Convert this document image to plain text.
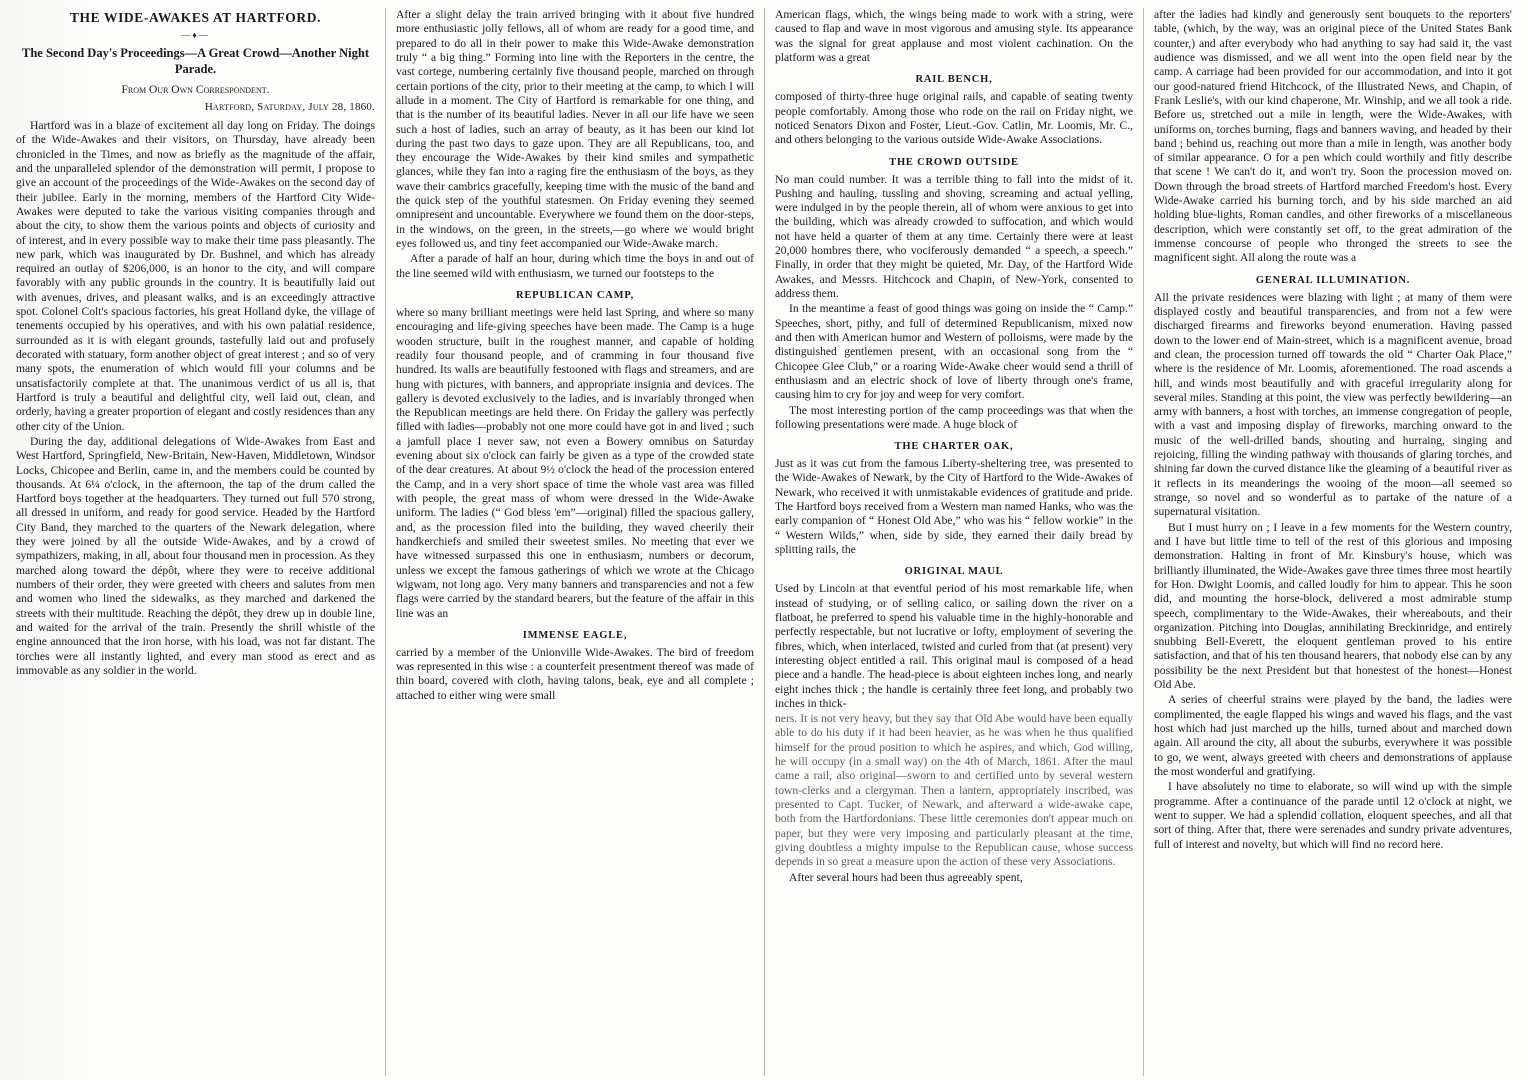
THE WIDE-AWAKES AT HARTFORD.
—♦—
The Second Day's Proceedings—A Great Crowd—Another Night Parade.
From Our Own Correspondent.
Hartford, Saturday, July 28, 1860.

Hartford was in a blaze of excitement all day long on Friday. The doings of the Wide-Awakes and their visitors, on Thursday, have already been chronicled in the Times, and now as briefly as the magnitude of the affair, and the unparalleled splendor of the demonstration will permit, I propose to give an account of the proceedings of the Wide-Awakes on the second day of their jubilee. Early in the morning, members of the Hartford City Wide-Awakes were deputed to take the various visiting companies through and about the city, to show them the various points and objects of curiosity and of interest, and in every possible way to make their time pass pleasantly. The new park, which was inaugurated by Dr. Bushnel, and which has already required an outlay of $206,000, is an honor to the city, and will compare favorably with any public grounds in the country. It is beautifully laid out with avenues, drives, and pleasant walks, and is an exceedingly attractive spot. Colonel Colt's spacious factories, his great Holland dyke, the village of tenements occupied by his operatives, and with his own palatial residence, surrounded as it is with elegant grounds, tastefully laid out and profusely decorated with statuary, form another object of great interest ; and so of very many spots, the enumeration of which would fill your columns and be unsatisfactorily complete at that. The unanimous verdict of us all is, that Hartford is truly a beautiful and delightful city, well laid out, clean, and orderly, having a greater proportion of elegant and costly residences than any other city of the Union.

During the day, additional delegations of Wide-Awakes from East and West Hartford, Springfield, New-Britain, New-Haven, Middletown, Windsor Locks, Chicopee and Berlin, came in, and the members could be counted by thousands. At 6¼ o'clock, in the afternoon, the tap of the drum called the Hartford boys together at the headquarters. They turned out full 570 strong, all dressed in uniform, and ready for good service. Headed by the Hartford City Band, they marched to the quarters of the Newark delegation, where they were joined by all the outside Wide-Awakes, and by a crowd of sympathizers, making, in all, about four thousand men in procession. As they marched along toward the dépôt, where they were to receive additional numbers of their order, they were greeted with cheers and salutes from men and women who lined the sidewalks, as they marched and darkened the streets with their multitude. Reaching the dépôt, they drew up in double line, and waited for the arrival of the train. Presently the shrill whistle of the engine announced that the iron horse, with his load, was not far distant. The torches were all instantly lighted, and every man stood as erect and as immovable as any soldier in the world.

After a slight delay the train arrived bringing with it about five hundred more enthusiastic jolly fellows, all of whom are ready for a good time, and prepared to do all in their power to make this Wide-Awake demonstration truly “ a big thing.” Forming into line with the Reporters in the centre, the vast cortege, numbering certainly five thousand people, marched on through certain portions of the city, prior to their meeting at the camp, to which I will allude in a moment. The City of Hartford is remarkable for one thing, and that is the number of its beautiful ladies. Never in all our life have we seen such a host of ladies, such an array of beauty, as it has been our kind lot during the past two days to gaze upon. They are all Republicans, too, and they encourage the Wide-Awakes by their kind smiles and sympathetic glances, while they fan into a raging fire the enthusiasm of the boys, as they wave their cambrics gracefully, keeping time with the music of the band and the quick step of the youthful statesmen. On Friday evening they seemed omnipresent and uncountable. Everywhere we found them on the door-steps, in the windows, on the green, in the streets,—go where we would bright eyes followed us, and tiny feet accompanied our Wide-Awake march.

After a parade of half an hour, during which time the boys in and out of the line seemed wild with enthusiasm, we turned our footsteps to the

REPUBLICAN CAMP,

where so many brilliant meetings were held last Spring, and where so many encouraging and life-giving speeches have been made. The Camp is a huge wooden structure, built in the roughest manner, and capable of holding readily four thousand people, and of cramming in four thousand five hundred. Its walls are beautifully festooned with flags and streamers, and are hung with pictures, with banners, and appropriate insignia and devices. The gallery is devoted exclusively to the ladies, and is invariably thronged when the Republican meetings are held there. On Friday the gallery was perfectly filled with ladies—probably not one more could have got in and lived ; such a jamfull place I never saw, not even a Bowery omnibus on Saturday evening about six o'clock can fairly be given as a type of the crowded state of the dear creatures. At about 9½ o'clock the head of the procession entered the Camp, and in a very short space of time the whole vast area was filled with people, the great mass of whom were dressed in the Wide-Awake uniform. The ladies (“ God bless 'em”—original) filled the spacious gallery, and, as the procession filed into the building, they waved cheerily their handkerchiefs and smiled their sweetest smiles. No meeting that ever we have witnessed surpassed this one in enthusiasm, numbers or decorum, unless we except the famous gatherings of which we wrote at the Chicago wigwam, not long ago. Very many banners and transparencies and not a few flags were carried by the standard bearers, but the feature of the affair in this line was an

IMMENSE EAGLE,

carried by a member of the Unionville Wide-Awakes. The bird of freedom was represented in this wise : a counterfeit presentment thereof was made of thin board, covered with cloth, having talons, beak, eye and all complete ; attached to either wing were small

American flags, which, the wings being made to work with a string, were caused to flap and wave in most vigorous and amusing style. Its appearance was the signal for great applause and most violent cachination. On the platform was a great

RAIL BENCH,

composed of thirty-three huge original rails, and capable of seating twenty people comfortably. Among those who rode on the rail on Friday night, we noticed Senators Dixon and Foster, Lieut.-Gov. Catlin, Mr. Loomis, Mr. C., and others belonging to the various outside Wide-Awake Associations.

THE CROWD OUTSIDE

No man could number. It was a terrible thing to fall into the midst of it. Pushing and hauling, tussling and shoving, screaming and actual yelling, were indulged in by the people therein, all of whom were anxious to get into the building, which was already crowded to suffocation, and which would not have held a quarter of them at any time. Certainly there were at least 20,000 hombres there, who vociferously demanded “ a speech, a speech.” Finally, in order that they might be quieted, Mr. Day, of the Hartford Wide Awakes, and Messrs. Hitchcock and Chapin, of New-York, consented to address them.

In the meantime a feast of good things was going on inside the “ Camp.” Speeches, short, pithy, and full of determined Republicanism, mixed now and then with American humor and Western of polloisms, were made by the distinguished gentlemen present, with an occasional song from the “ Chicopee Glee Club,” or a roaring Wide-Awake cheer would send a thrill of enthusiasm and an electric shock of love of liberty through one's frame, causing him to cry for joy and weep for very comfort.

The most interesting portion of the camp proceedings was that when the following presentations were made. A huge block of

THE CHARTER OAK,

Just as it was cut from the famous Liberty-sheltering tree, was presented to the Wide-Awakes of Newark, by the City of Hartford to the Wide-Awakes of Newark, who received it with unmistakable evidences of gratitude and pride. The Hartford boys received from a Western man named Hanks, who was the early companion of “ Honest Old Abe,” who was his “ fellow workie” in the “ Western Wilds,” when, side by side, they earned their daily bread by splitting rails, the

ORIGINAL MAUL

Used by Lincoln at that eventful period of his most remarkable life, when instead of studying, or of selling calico, or sailing down the river on a flatboat, he preferred to spend his valuable time in the highly-honorable and perfectly respectable, but not lucrative or lofty, employment of severing the fibres, which, when interlaced, twisted and curled from that (at present) very interesting object entitled a rail. This original maul is composed of a head piece and a handle. The head-piece is about eighteen inches long, and nearly eight inches thick ; the handle is certainly three feet long, and probably two inches in thick-

ners. It is not very heavy, but they say that Old Abe would have been equally able to do his duty if it had been heavier, as he was when he thus qualified himself for the proud position to which he aspires, and which, God willing, he will occupy (in a small way) on the 4th of March, 1861. After the maul came a rail, also original—sworn to and certified unto by several western town-clerks and a clergyman. Then a lantern, appropriately inscribed, was presented to Capt. Tucker, of Newark, and afterward a wide-awake cape, both from the Hartfordonians. These little ceremonies don't appear much on paper, but they were very imposing and particularly pleasant at the time, giving doubtless a mighty impulse to the Republican cause, whose success depends in so great a measure upon the action of these very Associations.

After several hours had been thus agreeably spent,

after the ladies had kindly and generously sent bouquets to the reporters' table, (which, by the way, was an original piece of the United States Bank counter,) and after everybody who had anything to say had said it, the vast audience was dismissed, and we all went into the open field near by the camp. A carriage had been provided for our accommodation, and into it got our good-natured friend Hitchcock, of the Illustrated News, and Chapin, of Frank Leslie's, with our kind chaperone, Mr. Winship, and we all took a ride. Before us, stretched out a mile in length, were the Wide-Awakes, with uniforms on, torches burning, flags and banners waving, and headed by their band ; behind us, reaching out more than a mile in length, was another body of similar appearance. O for a pen which could worthily and fitly describe that scene ! We can't do it, and won't try. Soon the procession moved on. Down through the broad streets of Hartford marched Freedom's host. Every Wide-Awake carried his burning torch, and by his side marched an aid holding blue-lights, Roman candles, and other fireworks of a miscellaneous description, which were constantly set off, to the great admiration of the immense concourse of people who thronged the streets to see the magnificent sight. All along the route was a

GENERAL ILLUMINATION.

All the private residences were blazing with light ; at many of them were displayed costly and beautiful transparencies, and from not a few were discharged firearms and fireworks beyond enumeration. Having passed down to the lower end of Main-street, which is a magnificent avenue, broad and clean, the procession turned off towards the old “ Charter Oak Place,” where is the residence of Mr. Loomis, aforementioned. The road ascends a hill, and winds most beautifully and with graceful irregularity along for several miles. Standing at this point, the view was perfectly bewildering—an army with banners, a host with torches, an immense congregation of people, with a vast and imposing display of fireworks, marching onward to the music of the well-drilled bands, shouting and hurraing, singing and rejoicing, filling the winding pathway with thousands of glaring torches, and shining far down the curved distance like the gleaming of a beautiful river as it reflects in its meanderings the wooing of the moon—all seemed so strange, so novel and so wonderful as to partake of the nature of a supernatural visitation.

But I must hurry on ; I leave in a few moments for the Western country, and I have but little time to tell of the rest of this glorious and imposing demonstration. Halting in front of Mr. Kinsbury's house, which was brilliantly illuminated, the Wide-Awakes gave three times three most heartily for Hon. Dwight Loomis, and called loudly for him to appear. This he soon did, and mounting the horse-block, delivered a most admirable stump speech, complimentary to the Wide-Awakes, their whereabouts, and their organization. Pitching into Douglas, annihilating Breckinridge, and entirely snubbing Bell-Everett, the eloquent gentleman proved to his entire satisfaction, and that of his ten thousand hearers, that nobody else can by any possibility be the next President but that honestest of the honest—Honest Old Abe.

A series of cheerful strains were played by the band, the ladies were complimented, the eagle flapped his wings and waved his flags, and the vast host which had just marched up the hills, turned about and marched down again. All around the city, all about the suburbs, everywhere it was possible to go, we went, always greeted with cheers and demonstrations of applause the most wonderful and gratifying.

I have absolutely no time to elaborate, so will wind up with the simple programme. After a continuance of the parade until 12 o'clock at night, we went to supper. We had a splendid collation, eloquent speeches, and all that sort of thing. After that, there were serenades and sundry private adventures, full of interest and novelty, but which will find no record here.
